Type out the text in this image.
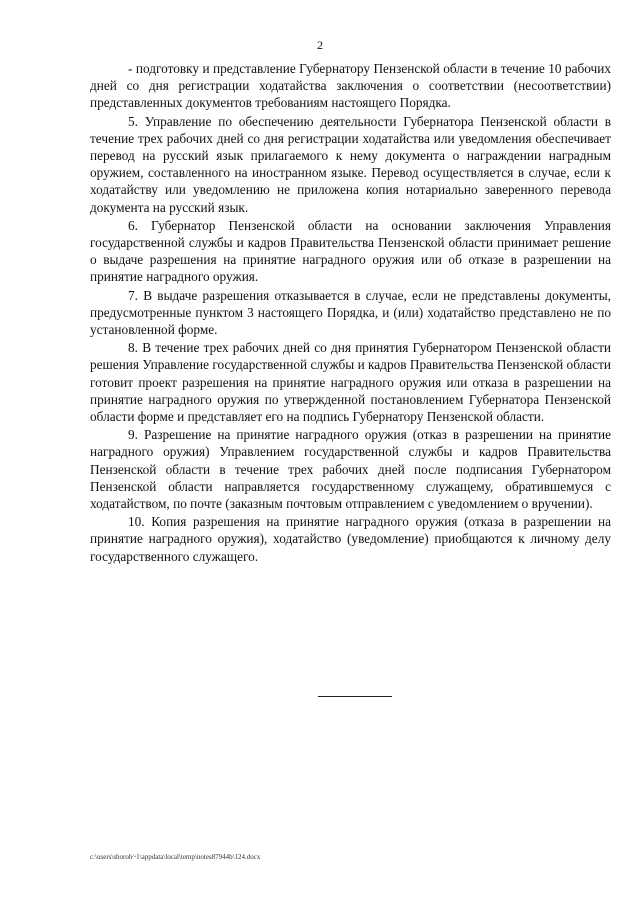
2

- подготовку и представление Губернатору Пензенской области в течение 10 рабочих дней со дня регистрации ходатайства заключения о соответствии (несоответствии) представленных документов требованиям настоящего Порядка.

5. Управление по обеспечению деятельности Губернатора Пензенской области в течение трех рабочих дней со дня регистрации ходатайства или уведомления обеспечивает перевод на русский язык прилагаемого к нему документа о награждении наградным оружием, составленного на иностранном языке. Перевод осуществляется в случае, если к ходатайству или уведомлению не приложена копия нотариально заверенного перевода документа на русский язык.

6. Губернатор Пензенской области на основании заключения Управления государственной службы и кадров Правительства Пензенской области принимает решение о выдаче разрешения на принятие наградного оружия или об отказе в разрешении на принятие наградного оружия.

7. В выдаче разрешения отказывается в случае, если не представлены документы, предусмотренные пунктом 3 настоящего Порядка, и (или) ходатайство представлено не по установленной форме.

8. В течение трех рабочих дней со дня принятия Губернатором Пензенской области решения Управление государственной службы и кадров Правительства Пензенской области готовит проект разрешения на принятие наградного оружия или отказа в разрешении на принятие наградного оружия по утвержденной постановлением Губернатора Пензенской области форме и представляет его на подпись Губернатору Пензенской области.

9. Разрешение на принятие наградного оружия (отказ в разрешении на принятие наградного оружия) Управлением государственной службы и кадров Правительства Пензенской области в течение трех рабочих дней после подписания Губернатором Пензенской области направляется государственному служащему, обратившемуся с ходатайством, по почте (заказным почтовым отправлением с уведомлением о вручении).

10. Копия разрешения на принятие наградного оружия (отказа в разрешении на принятие наградного оружия), ходатайство (уведомление) приобщаются к личному делу государственного служащего.

c:\users\shoroh~1\appdata\local\temp\notes87944b\124.docx
